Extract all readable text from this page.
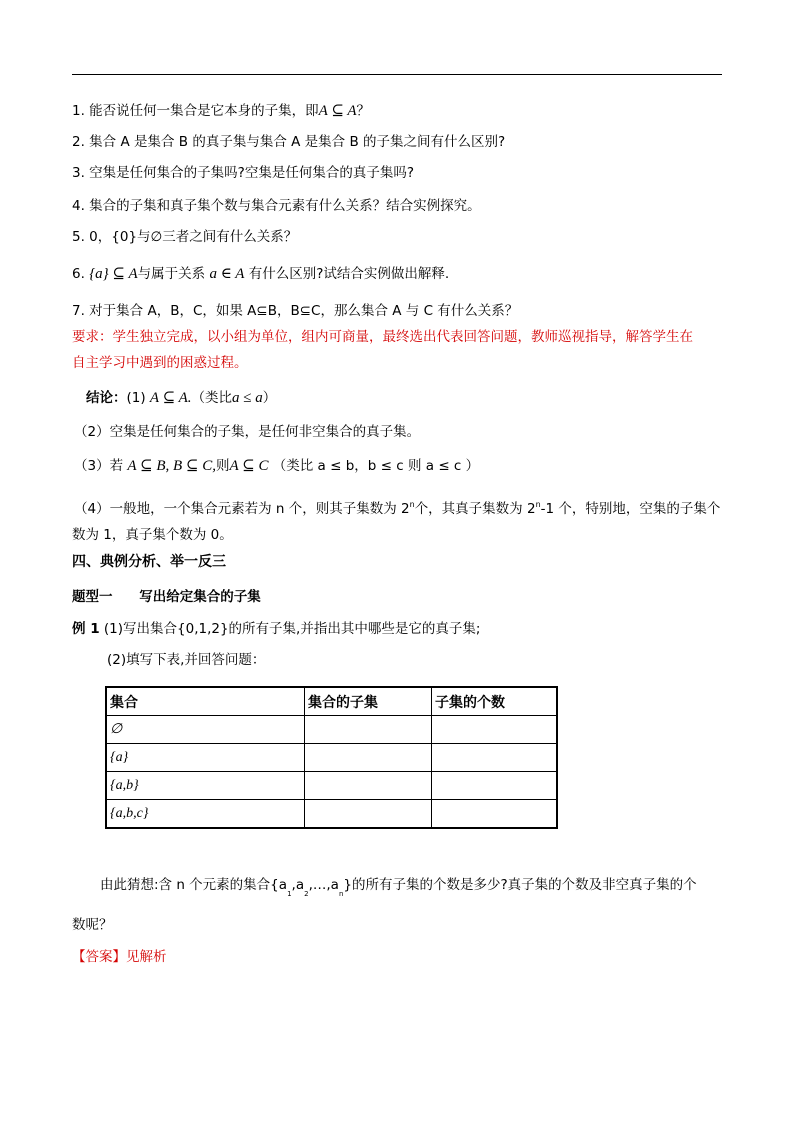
1. 能否说任何一集合是它本身的子集，即A ⊆ A？
2. 集合 A 是集合 B 的真子集与集合 A 是集合 B 的子集之间有什么区别?
3. 空集是任何集合的子集吗?空集是任何集合的真子集吗?
4. 集合的子集和真子集个数与集合元素有什么关系？结合实例探究。
5. 0，{0}与∅三者之间有什么关系？
6. {a} ⊆ A与属于关系 a ∈ A 有什么区别?试结合实例做出解释.
7. 对于集合 A，B，C，如果 A⊆B，B⊆C，那么集合 A 与 C 有什么关系？
要求：学生独立完成，以小组为单位，组内可商量，最终选出代表回答问题，教师巡视指导，解答学生在
自主学习中遇到的困惑过程。
结论：(1) A ⊆ A.（类比a ≤ a）
（2）空集是任何集合的子集，是任何非空集合的真子集。
（3）若 A ⊆ B, B ⊆ C,则A ⊆ C （类比 a ≤ b，b ≤ c 则 a ≤ c ）
（4）一般地，一个集合元素若为 n 个，则其子集数为 2$^n$个，其真子集数为 2$^n$-1 个，特别地，空集的子集个
数为 1，真子集个数为 0。
四、典例分析、举一反三
题型一 写出给定集合的子集
例 1 (1)写出集合{0,1,2}的所有子集,并指出其中哪些是它的真子集;
(2)填写下表,并回答问题：
集合	集合的子集	子集的个数
∅		
{a}		
{a,b}		
{a,b,c}		
由此猜想:含 n 个元素的集合$\{a_1,a_2,\dots,a_n\}$的所有子集的个数是多少?真子集的个数及非空真子集的个
数呢？
【答案】见解析
